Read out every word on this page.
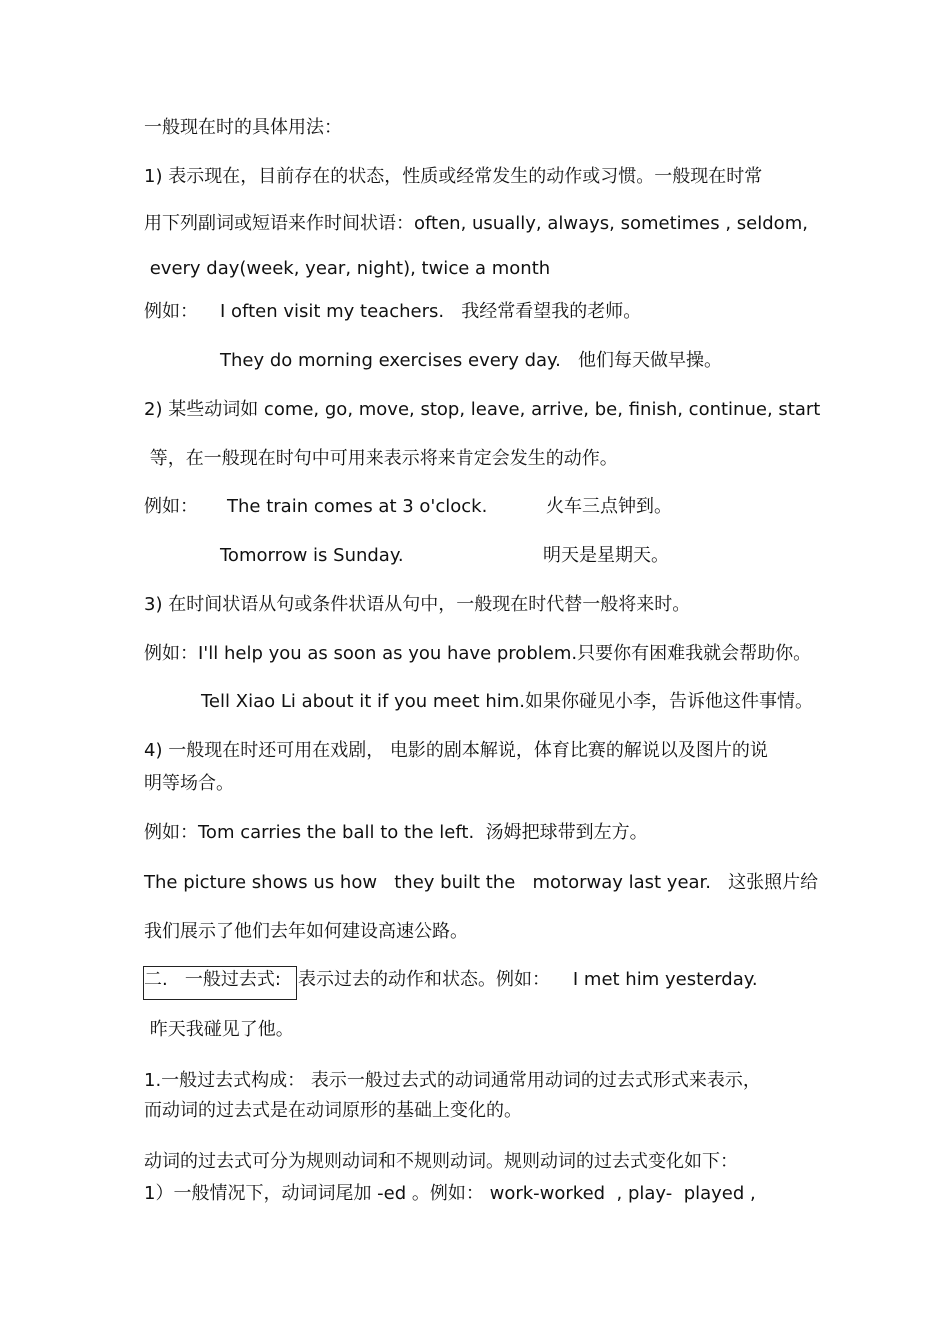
一般现在时的具体用法：
1) 表示现在，目前存在的状态，性质或经常发生的动作或习惯。一般现在时常
用下列副词或短语来作时间状语：often, usually, always, sometimes , seldom,
every day(week, year, night), twice a month
例如： I often visit my teachers.   我经常看望我的老师。
They do morning exercises every day.   他们每天做早操。
2) 某些动词如 come, go, move, stop, leave, arrive, be, finish, continue, start
等，在一般现在时句中可用来表示将来肯定会发生的动作。
例如： The train comes at 3 o'clock.	火车三点钟到。
Tomorrow is Sunday.	明天是星期天。
3) 在时间状语从句或条件状语从句中，一般现在时代替一般将来时。
例如：I'll help you as soon as you have problem.只要你有困难我就会帮助你。
Tell Xiao Li about it if you meet him.如果你碰见小李，告诉他这件事情。
4) 一般现在时还可用在戏剧， 电影的剧本解说，体育比赛的解说以及图片的说
明等场合。
例如：Tom carries the ball to the left.  汤姆把球带到左方。
The picture shows us how   they built the   motorway last year.   这张照片给
我们展示了他们去年如何建设高速公路。
二.   一般过去式: 表示过去的动作和状态。例如：    I met him yesterday.
昨天我碰见了他。
1.一般过去式构成： 表示一般过去式的动词通常用动词的过去式形式来表示，
而动词的过去式是在动词原形的基础上变化的。
动词的过去式可分为规则动词和不规则动词。规则动词的过去式变化如下：
1）一般情况下，动词词尾加 -ed 。例如： work-worked  , play-  played ,
